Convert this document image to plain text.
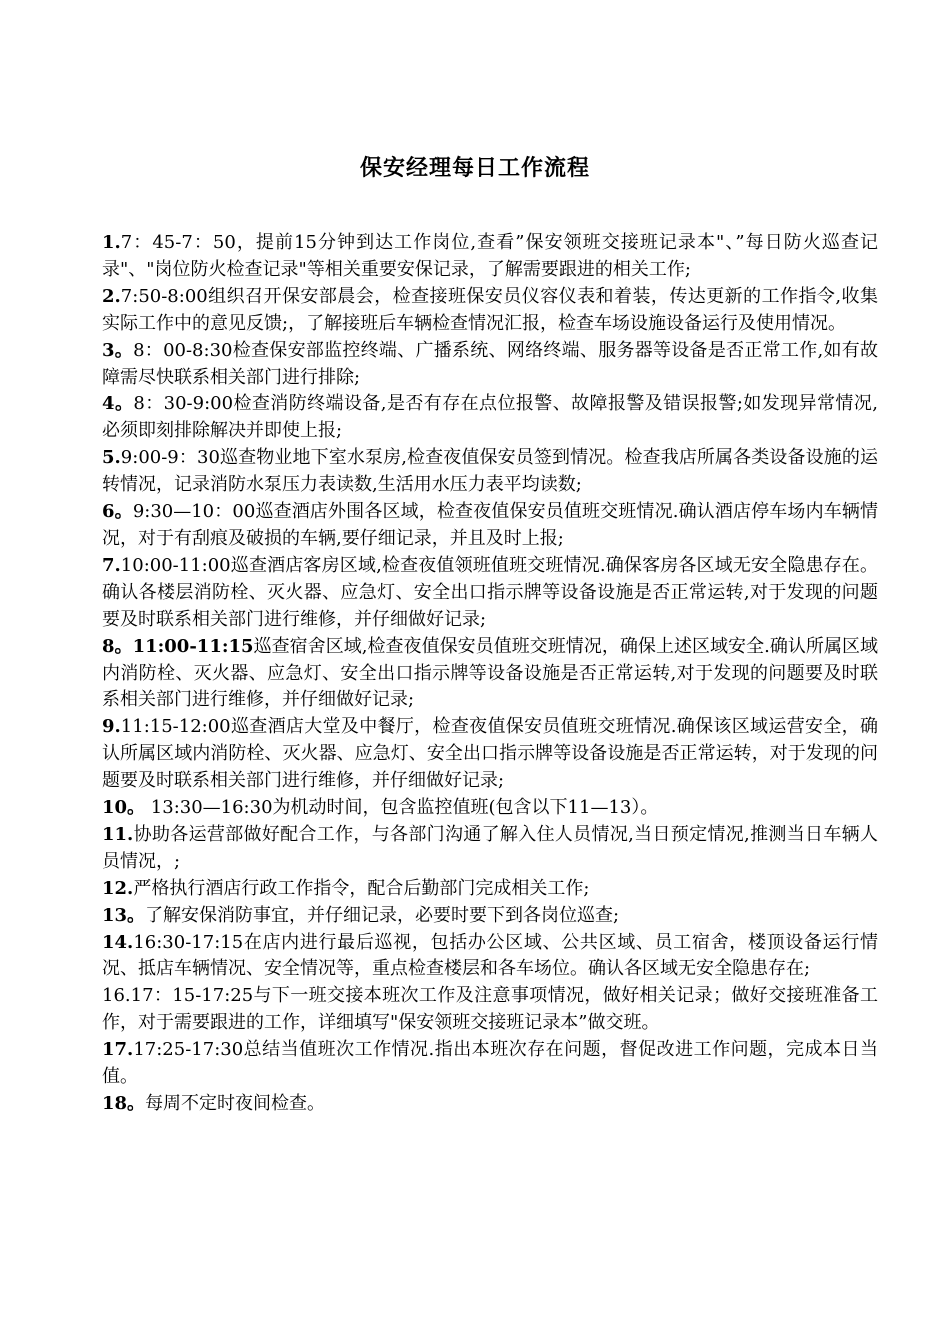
保安经理每日工作流程
1.7：45-7：50，提前15分钟到达工作岗位,查看”保安领班交接班记录本"、”每日防火巡查记录"、"岗位防火检查记录"等相关重要安保记录，了解需要跟进的相关工作;
2.7:50-8:00组织召开保安部晨会，检查接班保安员仪容仪表和着装，传达更新的工作指令,收集实际工作中的意见反馈;，了解接班后车辆检查情况汇报，检查车场设施设备运行及使用情况。
3。8：00-8:30检查保安部监控终端、广播系统、网络终端、服务器等设备是否正常工作,如有故障需尽快联系相关部门进行排除;
4。8：30-9:00检查消防终端设备,是否有存在点位报警、故障报警及错误报警;如发现异常情况,必须即刻排除解决并即使上报;
5.9:00-9：30巡查物业地下室水泵房,检查夜值保安员签到情况。检查我店所属各类设备设施的运转情况，记录消防水泵压力表读数,生活用水压力表平均读数;
6。9:30—10：00巡查酒店外围各区域，检查夜值保安员值班交班情况.确认酒店停车场内车辆情况，对于有刮痕及破损的车辆,要仔细记录，并且及时上报;
7.10:00-11:00巡查酒店客房区域,检查夜值领班值班交班情况.确保客房各区域无安全隐患存在。确认各楼层消防栓、灭火器、应急灯、安全出口指示牌等设备设施是否正常运转,对于发现的问题要及时联系相关部门进行维修，并仔细做好记录;
8。11:00-11:15巡查宿舍区域,检查夜值保安员值班交班情况，确保上述区域安全.确认所属区域内消防栓、灭火器、应急灯、安全出口指示牌等设备设施是否正常运转,对于发现的问题要及时联系相关部门进行维修，并仔细做好记录;
9.11:15-12:00巡查酒店大堂及中餐厅，检查夜值保安员值班交班情况.确保该区域运营安全，确认所属区域内消防栓、灭火器、应急灯、安全出口指示牌等设备设施是否正常运转，对于发现的问题要及时联系相关部门进行维修，并仔细做好记录;
10。 13:30—16:30为机动时间，包含监控值班(包含以下11—13）。
11.协助各运营部做好配合工作，与各部门沟通了解入住人员情况,当日预定情况,推测当日车辆人员情况，;
12.严格执行酒店行政工作指令，配合后勤部门完成相关工作;
13。了解安保消防事宜，并仔细记录，必要时要下到各岗位巡查;
14.16:30-17:15在店内进行最后巡视，包括办公区域、公共区域、员工宿舍，楼顶设备运行情况、抵店车辆情况、安全情况等，重点检查楼层和各车场位。确认各区域无安全隐患存在;
16.17：15-17:25与下一班交接本班次工作及注意事项情况，做好相关记录；做好交接班准备工作，对于需要跟进的工作，详细填写"保安领班交接班记录本”做交班。
17.17:25-17:30总结当值班次工作情况.指出本班次存在问题，督促改进工作问题，完成本日当值。
18。每周不定时夜间检查。
